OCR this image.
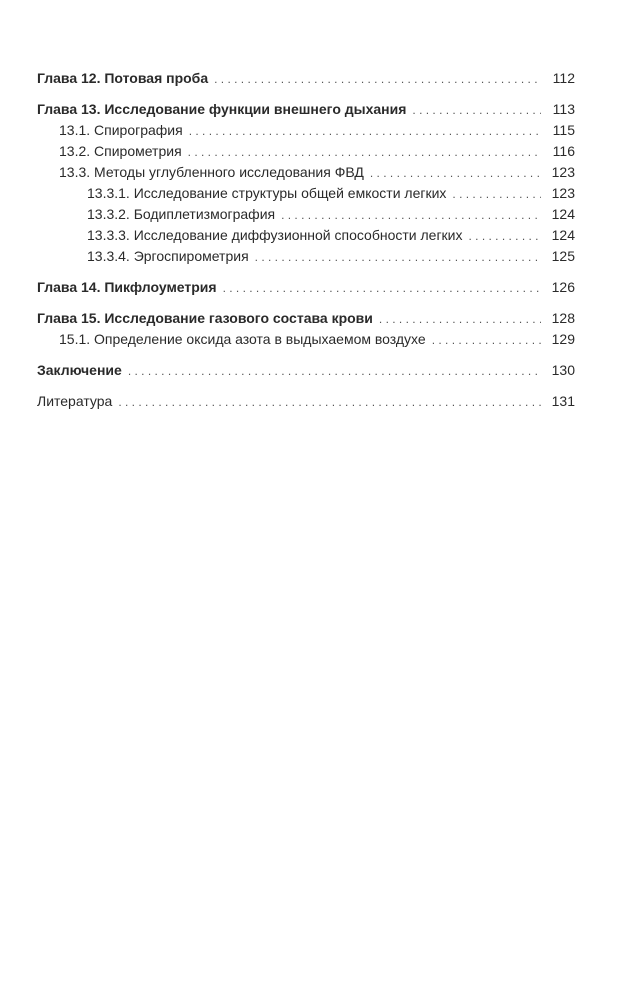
Глава 12. Потовая проба . . .	112
Глава 13. Исследование функции внешнего дыхания . . .	113
13.1. Спирография . . .	115
13.2. Спирометрия . . .	116
13.3. Методы углубленного исследования ФВД . . .	123
13.3.1. Исследование структуры общей емкости легких . . .	123
13.3.2. Бодиплетизмография . . .	124
13.3.3. Исследование диффузионной способности легких . . .	124
13.3.4. Эргоспирометрия . . .	125
Глава 14. Пикфлоуметрия . . .	126
Глава 15. Исследование газового состава крови . . .	128
15.1. Определение оксида азота в выдыхаемом воздухе . . .	129
Заключение . . .	130
Литература . . .	131
